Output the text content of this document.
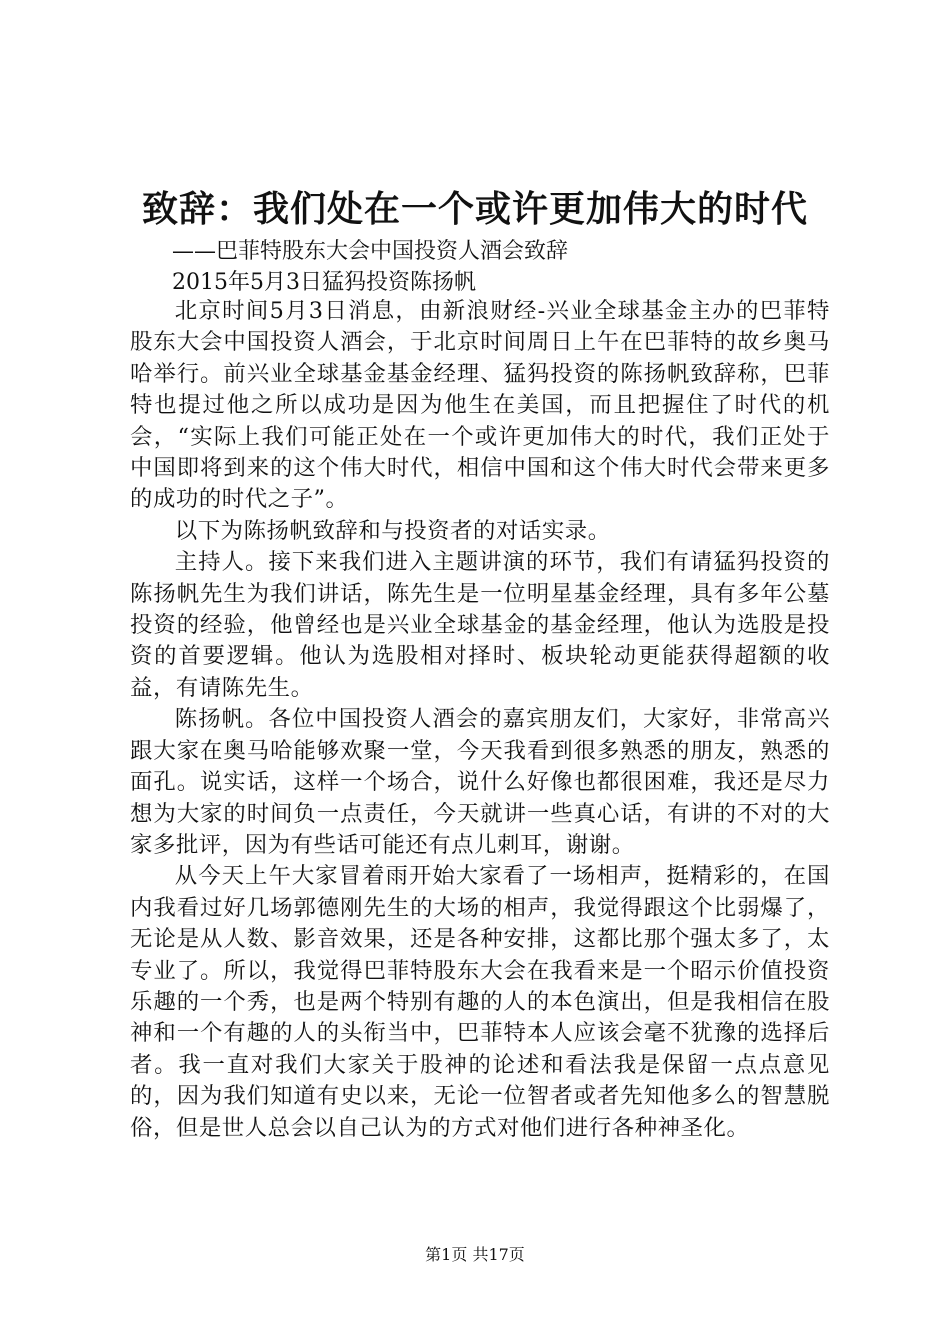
致辞：我们处在一个或许更加伟大的时代
——巴菲特股东大会中国投资人酒会致辞
2015年5月3日猛犸投资陈扬帆

北京时间5月3日消息，由新浪财经-兴业全球基金主办的巴菲特股东大会中国投资人酒会，于北京时间周日上午在巴菲特的故乡奥马哈举行。前兴业全球基金基金经理、猛犸投资的陈扬帆致辞称，巴菲特也提过他之所以成功是因为他生在美国，而且把握住了时代的机会，“实际上我们可能正处在一个或许更加伟大的时代，我们正处于中国即将到来的这个伟大时代，相信中国和这个伟大时代会带来更多的成功的时代之子”。

以下为陈扬帆致辞和与投资者的对话实录。

主持人。接下来我们进入主题讲演的环节，我们有请猛犸投资的陈扬帆先生为我们讲话，陈先生是一位明星基金经理，具有多年公墓投资的经验，他曾经也是兴业全球基金的基金经理，他认为选股是投资的首要逻辑。他认为选股相对择时、板块轮动更能获得超额的收益，有请陈先生。

陈扬帆。各位中国投资人酒会的嘉宾朋友们，大家好，非常高兴跟大家在奥马哈能够欢聚一堂，今天我看到很多熟悉的朋友，熟悉的面孔。说实话，这样一个场合，说什么好像也都很困难，我还是尽力想为大家的时间负一点责任，今天就讲一些真心话，有讲的不对的大家多批评，因为有些话可能还有点儿刺耳，谢谢。

从今天上午大家冒着雨开始大家看了一场相声，挺精彩的，在国内我看过好几场郭德刚先生的大场的相声，我觉得跟这个比弱爆了，无论是从人数、影音效果，还是各种安排，这都比那个强太多了，太专业了。所以，我觉得巴菲特股东大会在我看来是一个昭示价值投资乐趣的一个秀，也是两个特别有趣的人的本色演出，但是我相信在股神和一个有趣的人的头衔当中，巴菲特本人应该会毫不犹豫的选择后者。我一直对我们大家关于股神的论述和看法我是保留一点点意见的，因为我们知道有史以来，无论一位智者或者先知他多么的智慧脱俗，但是世人总会以自己认为的方式对他们进行各种神圣化。

第1页 共17页
